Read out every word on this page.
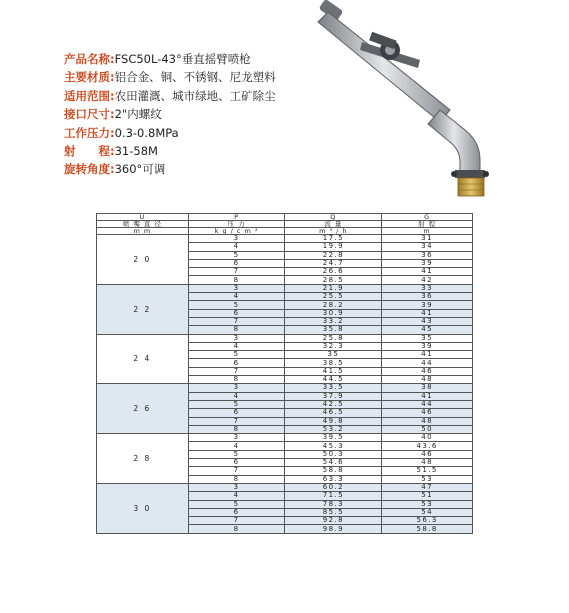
产品名称:FSC50L-43°垂直摇臂喷枪
主要材质:铝合金、铜、不锈钢、尼龙塑料
适用范围:农田灌溉、城市绿地、工矿除尘
接口尺寸:2"内螺纹
工作压力:0.3-0.8MPa
射　　程:31-58M
旋转角度:360°可调
U	P	Q	G
喷 嘴 直 径	压 力	流 量	射 程
m m	k g / c m ²	m ³ / h	m
2 0	3	17.5	31
	4	19.9	34
	5	22.8	36
	6	24.7	39
	7	26.6	41
	8	28.5	42
2 2	3	21.9	33
	4	25.5	36
	5	28.2	39
	6	30.9	41
	7	33.2	43
	8	35.8	45
2 4	3	25.8	35
	4	32.3	39
	5	35	41
	6	38.5	44
	7	41.5	46
	8	44.5	48
2 6	3	33.5	38
	4	37.9	41
	5	42.5	44
	6	46.5	46
	7	49.8	48
	8	53.2	50
2 8	3	39.5	40
	4	45.3	43.6
	5	50.3	46
	6	54.6	48
	7	58.8	51.5
	8	63.3	53
3 0	3	60.2	47
	4	71.5	51
	5	78.3	53
	6	85.5	54
	7	92.8	56.3
	8	98.9	58.8
